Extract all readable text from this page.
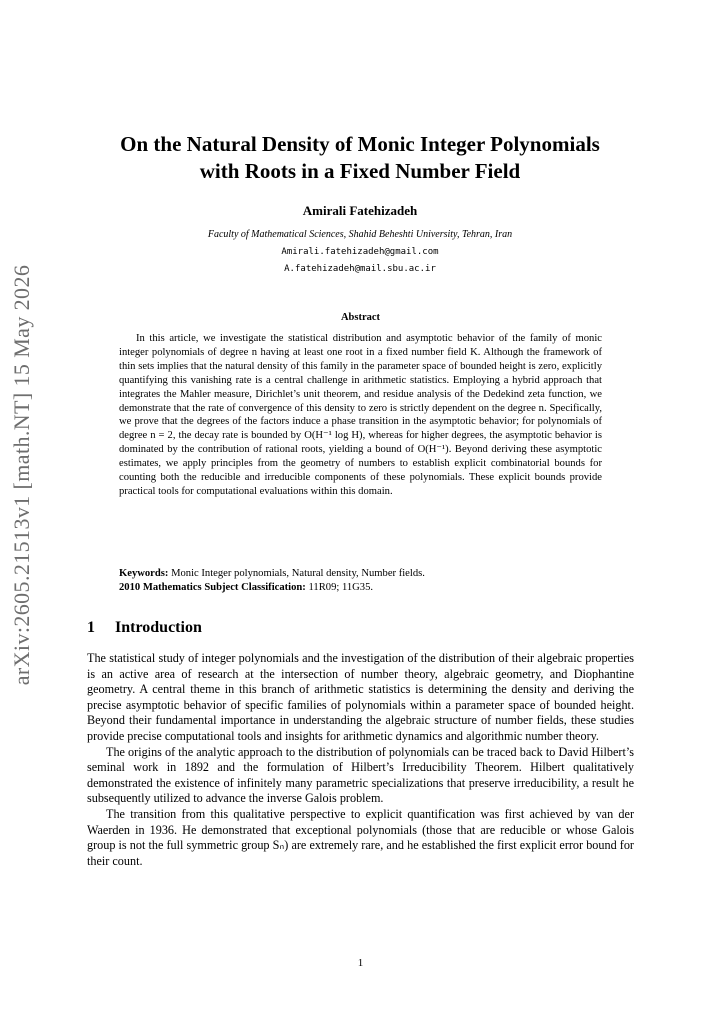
arXiv:2605.21513v1 [math.NT] 15 May 2026
On the Natural Density of Monic Integer Polynomials
with Roots in a Fixed Number Field

Amirali Fatehizadeh

Faculty of Mathematical Sciences, Shahid Beheshti University, Tehran, Iran

Amirali.fatehizadeh@gmail.com

A.fatehizadeh@mail.sbu.ac.ir

Abstract

In this article, we investigate the statistical distribution and asymptotic behavior of the family of monic integer polynomials of degree n having at least one root in a fixed number field K. Although the framework of thin sets implies that the natural density of this family in the parameter space of bounded height is zero, explicitly quantifying this vanishing rate is a central challenge in arithmetic statistics. Employing a hybrid approach that integrates the Mahler measure, Dirichlet’s unit theorem, and residue analysis of the Dedekind zeta function, we demonstrate that the rate of convergence of this density to zero is strictly dependent on the degree n. Specifically, we prove that the degrees of the factors induce a phase transition in the asymptotic behavior; for polynomials of degree n = 2, the decay rate is bounded by O(H⁻¹ log H), whereas for higher degrees, the asymptotic behavior is dominated by the contribution of rational roots, yielding a bound of O(H⁻¹). Beyond deriving these asymptotic estimates, we apply principles from the geometry of numbers to establish explicit combinatorial bounds for counting both the reducible and irreducible components of these polynomials. These explicit bounds provide practical tools for computational evaluations within this domain.

Keywords: Monic Integer polynomials, Natural density, Number fields.

2010 Mathematics Subject Classification: 11R09; 11G35.

1 Introduction

The statistical study of integer polynomials and the investigation of the distribution of their algebraic properties is an active area of research at the intersection of number theory, algebraic geometry, and Diophantine geometry. A central theme in this branch of arithmetic statistics is determining the density and deriving the precise asymptotic behavior of specific families of polynomials within a parameter space of bounded height. Beyond their fundamental importance in understanding the algebraic structure of number fields, these studies provide precise computational tools and insights for arithmetic dynamics and algorithmic number theory.

The origins of the analytic approach to the distribution of polynomials can be traced back to David Hilbert’s seminal work in 1892 and the formulation of Hilbert’s Irreducibility Theorem. Hilbert qualitatively demonstrated the existence of infinitely many parametric specializations that preserve irreducibility, a result he subsequently utilized to advance the inverse Galois problem.

The transition from this qualitative perspective to explicit quantification was first achieved by van der Waerden in 1936. He demonstrated that exceptional polynomials (those that are reducible or whose Galois group is not the full symmetric group Sₙ) are extremely rare, and he established the first explicit error bound for their count.

1
